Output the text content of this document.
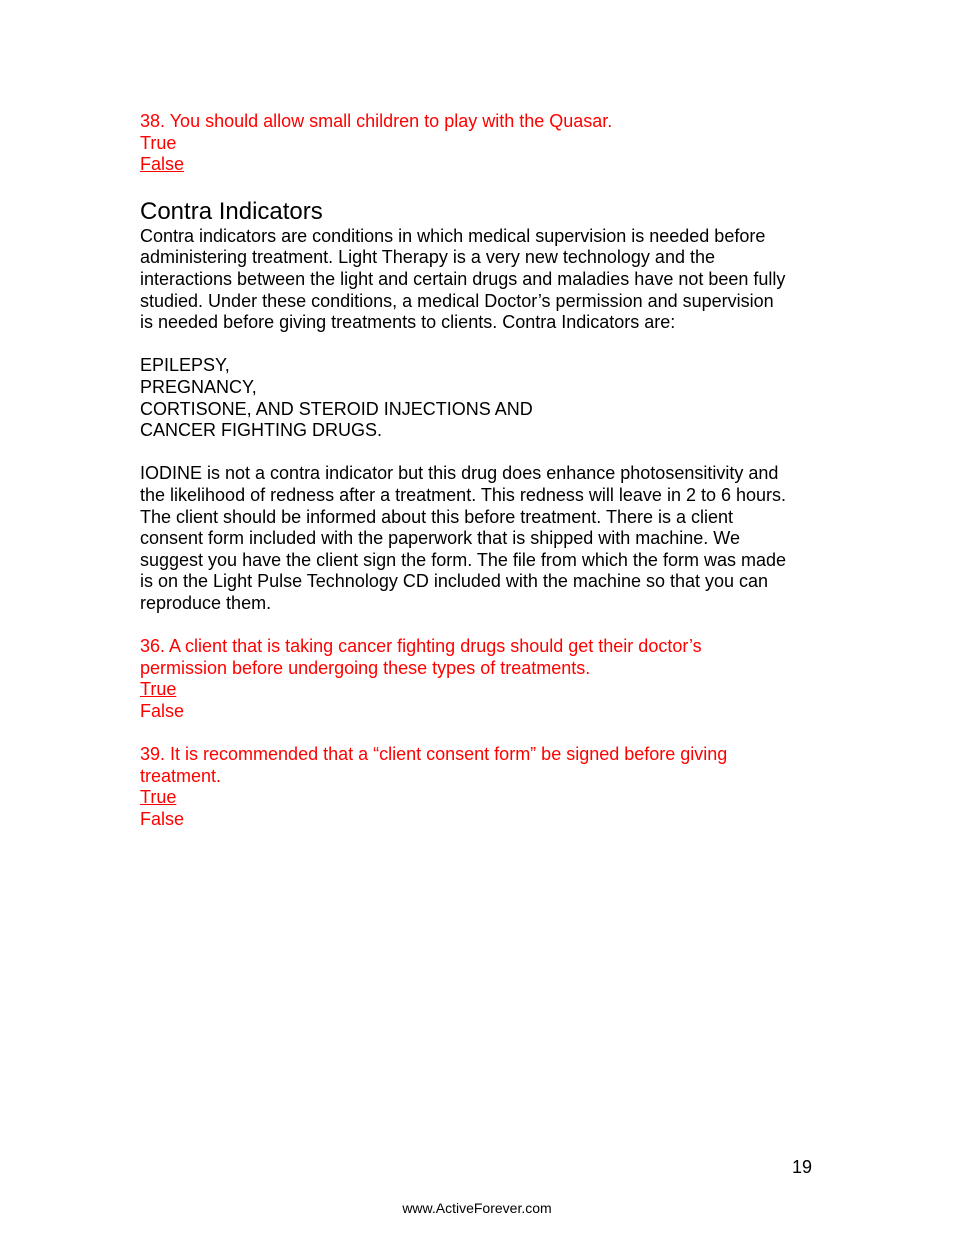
38. You should allow small children to play with the Quasar.
True
False
Contra Indicators

Contra indicators are conditions in which medical supervision is needed before
administering treatment. Light Therapy is a very new technology and the
interactions between the light and certain drugs and maladies have not been fully
studied. Under these conditions, a medical Doctor’s permission and supervision
is needed before giving treatments to clients. Contra Indicators are:

EPILEPSY,
PREGNANCY,
CORTISONE, AND STEROID INJECTIONS AND
CANCER FIGHTING DRUGS.

IODINE is not a contra indicator but this drug does enhance photosensitivity and
the likelihood of redness after a treatment. This redness will leave in 2 to 6 hours.
The client should be informed about this before treatment. There is a client
consent form included with the paperwork that is shipped with machine. We
suggest you have the client sign the form. The file from which the form was made
is on the Light Pulse Technology CD included with the machine so that you can
reproduce them.

36. A client that is taking cancer fighting drugs should get their doctor’s
permission before undergoing these types of treatments.
True
False
39. It is recommended that a “client consent form” be signed before giving
treatment.
True
False
19
www.ActiveForever.com
